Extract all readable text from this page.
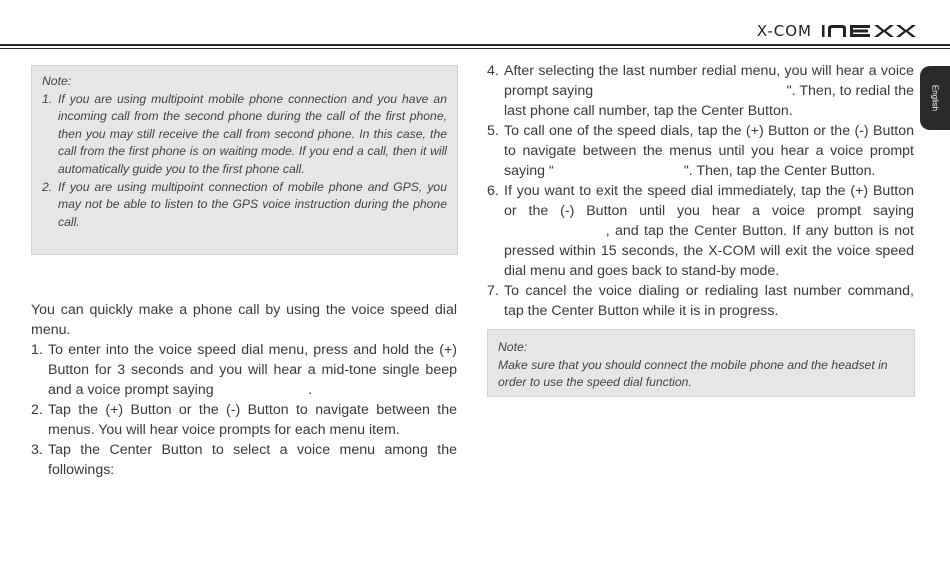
X-COM
English
Note:
1. If you are using multipoint mobile phone connection and you have an incoming call from the second phone during the call of the first phone, then you may still receive the call from second phone. In this case, the call from the first phone is on waiting mode. If you end a call, then it will automatically guide you to the first phone call.
2. If you are using multipoint connection of mobile phone and GPS, you may not be able to listen to the GPS voice instruction during the phone call.

You can quickly make a phone call by using the voice speed dial menu.

1. To enter into the voice speed dial menu, press and hold the (+) Button for 3 seconds and you will hear a mid-tone single beep and a voice prompt saying                        .
2. Tap the (+) Button or the (-) Button to navigate between the menus. You will hear voice prompts for each menu item.
3. Tap the Center Button to select a voice menu among the followings:
4. After selecting the last number redial menu, you will hear a voice prompt saying                                                ". Then, to redial the last phone call number, tap the Center Button.
5. To call one of the speed dials, tap the (+) Button or the (-) Button to navigate between the menus until you hear a voice prompt saying “                                 ". Then, tap the Center Button.
6. If you want to exit the speed dial immediately, tap the (+) Button or the (-) Button until you hear a voice prompt saying                    , and tap the Center Button. If any button is not pressed within 15 seconds, the X-COM will exit the voice speed dial menu and goes back to stand-by mode.
7. To cancel the voice dialing or redialing last number command, tap the Center Button while it is in progress.
Note:
Make sure that you should connect the mobile phone and the headset in order to use the speed dial function.
